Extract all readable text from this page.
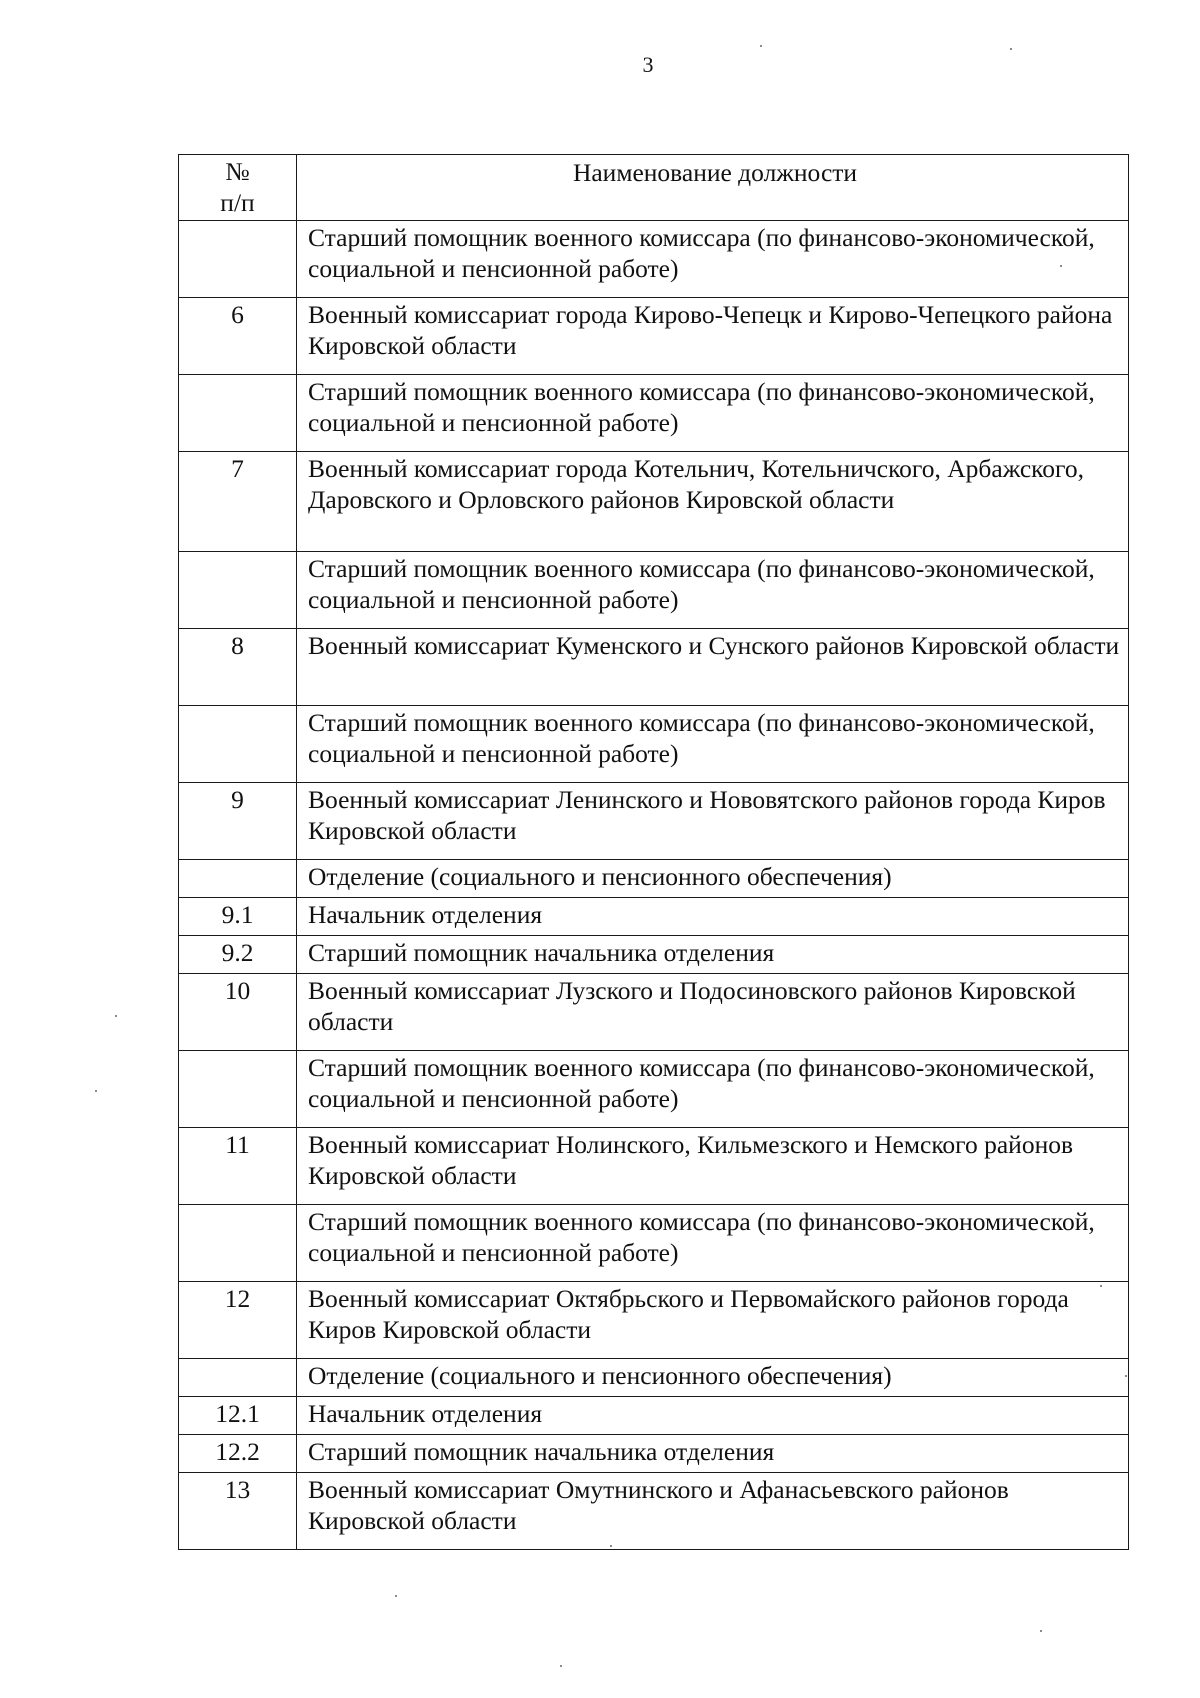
3
№
п/п	Наименование должности
	Старший помощник военного комиссара (по финансово-экономической, социальной и пенсионной работе)
6	Военный комиссариат города Кирово-Чепецк и Кирово-Чепецкого района Кировской области
	Старший помощник военного комиссара (по финансово-экономической, социальной и пенсионной работе)
7	Военный комиссариат города Котельнич, Котельничского, Арбажского, Даровского и Орловского районов Кировской области
	Старший помощник военного комиссара (по финансово-экономической, социальной и пенсионной работе)
8	Военный комиссариат Куменского и Сунского районов Кировской области
	Старший помощник военного комиссара (по финансово-экономической, социальной и пенсионной работе)
9	Военный комиссариат Ленинского и Нововятского районов города Киров Кировской области
	Отделение (социального и пенсионного обеспечения)
9.1	Начальник отделения
9.2	Старший помощник начальника отделения
10	Военный комиссариат Лузского и Подосиновского районов Кировской области
	Старший помощник военного комиссара (по финансово-экономической, социальной и пенсионной работе)
11	Военный комиссариат Нолинского, Кильмезского и Немского районов Кировской области
	Старший помощник военного комиссара (по финансово-экономической, социальной и пенсионной работе)
12	Военный комиссариат Октябрьского и Первомайского районов города Киров Кировской области
	Отделение (социального и пенсионного обеспечения)
12.1	Начальник отделения
12.2	Старший помощник начальника отделения
13	Военный комиссариат Омутнинского и Афанасьевского районов Кировской области
